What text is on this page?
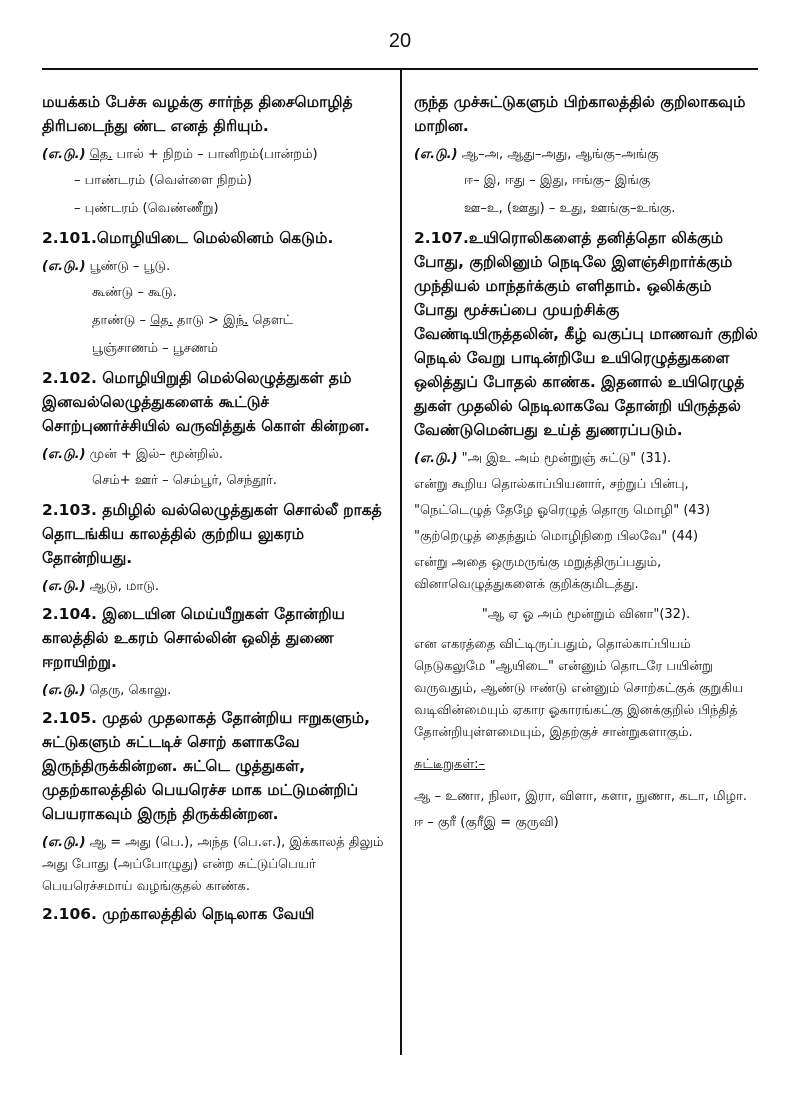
20

மயக்கம் பேச்சு வழக்கு சார்ந்த திசைமொழித் திரிபடைந்து ண்ட எனத் திரியும்.

(எ.டு.) தெ. பால் + நிறம் – பானிறம்(பான்றம்)

– பாண்டரம் (வெள்ளை நிறம்)

– புண்டரம் (வெண்ணீறு)

2.101.மொழியிடை மெல்லினம் கெடும்.

(எ.டு.) பூண்டு – பூடு.

கூண்டு – கூடு.

தாண்டு – தெ. தாடு > இந். தௌட்

பூஞ்சாணம் – பூசணம்

2.102. மொழியிறுதி மெல்லெழுத்துகள் தம் இனவல்லெழுத்துகளைக் கூட்டுச் சொற்புணர்ச்சியில் வருவித்துக் கொள் கின்றன.

(எ.டு.) முன் + இல்– மூன்றில்.

செம்+ ஊர் – செம்பூர், செந்தூர்.

2.103. தமிழில் வல்லெழுத்துகள் சொல்லீ றாகத் தொடங்கிய காலத்தில் குற்றிய லுகரம் தோன்றியது.

(எ.டு.) ஆடு, மாடு.

2.104. இடையின மெய்யீறுகள் தோன்றிய காலத்தில் உகரம் சொல்லின் ஒலித் துணை ஈறாயிற்று.

(எ.டு.) தெரு, கொலு.

2.105. முதல் முதலாகத் தோன்றிய ஈறுகளும், சுட்டுகளும் சுட்டடிச் சொற் களாகவே இருந்திருக்கின்றன. சுட்டெ ழுத்துகள், முதற்காலத்தில் பெயரெச்ச மாக மட்டுமன்றிப் பெயராகவும் இருந் திருக்கின்றன.

(எ.டு.) ஆ = அது (பெ.), அந்த (பெ.எ.), இக்காலத் திலும் அது போது (அப்போழுது) என்ற சுட்டுப்பெயர் பெயரெச்சமாய் வழங்குதல் காண்க.

2.106. முற்காலத்தில் நெடிலாக வேயி

ருந்த முச்சுட்டுகளும் பிற்காலத்தில் குறிலாகவும் மாறின.

(எ.டு.) ஆ–அ, ஆது–அது, ஆங்கு–அங்கு

ஈ– இ, ஈது – இது, ஈங்கு– இங்கு

ஊ–உ, (ஊது) – உது, ஊங்கு–உங்கு.

2.107.உயிரொலிகளைத் தனித்தொ லிக்கும் போது, குறிலினும் நெடிலே இளஞ்சிறார்க்கும் முந்தியல் மாந்தர்க்கும் எளிதாம். ஒலிக்கும் போது மூச்சுப்பை முயற்சிக்கு வேண்டியிருத்தலின், கீழ் வகுப்பு மாணவர் குறில் நெடில் வேறு பாடின்றியே உயிரெழுத்துகளை ஒலித்துப் போதல் காண்க. இதனால் உயிரெழுத் துகள் முதலில் நெடிலாகவே தோன்றி யிருத்தல் வேண்டுமென்பது உய்த் துணரப்படும்.

(எ.டு.) "அ இஉ அம் மூன்றுஞ் சுட்டு" (31).

என்று கூறிய தொல்காப்பியனார், சற்றுப் பின்பு,

"நெட்டெழுத் தேழே ஓரெழுத் தொரு மொழி" (43)

"குற்றெழுத் தைந்தும் மொழிநிறை பிலவே" (44)

என்று அதை ஒருமருங்கு மறுத்திருப்பதும், வினாவெழுத்துகளைக் குறிக்குமிடத்து.

"ஆ ஏ ஓ அம் மூன்றும் வினா"(32).

என எகரத்தை விட்டிருப்பதும், தொல்காப்பியம் நெடுகலுமே "ஆயிடை" என்னும் தொடரே பயின்று வருவதும், ஆண்டு ஈண்டு என்னும் சொற்கட்குக் குறுகிய வடிவின்மையும் ஏகார ஓகாரங்கட்கு இனக்குறில் பிந்தித் தோன்றியுள்ளமையும், இதற்குச் சான்றுகளாகும்.

சுட்டீறுகள்:–

ஆ – உணா, நிலா, இரா, விளா, களா, நுணா, கடா, மிழா.

ஈ – குரீ (குரீஇ = குருவி)
